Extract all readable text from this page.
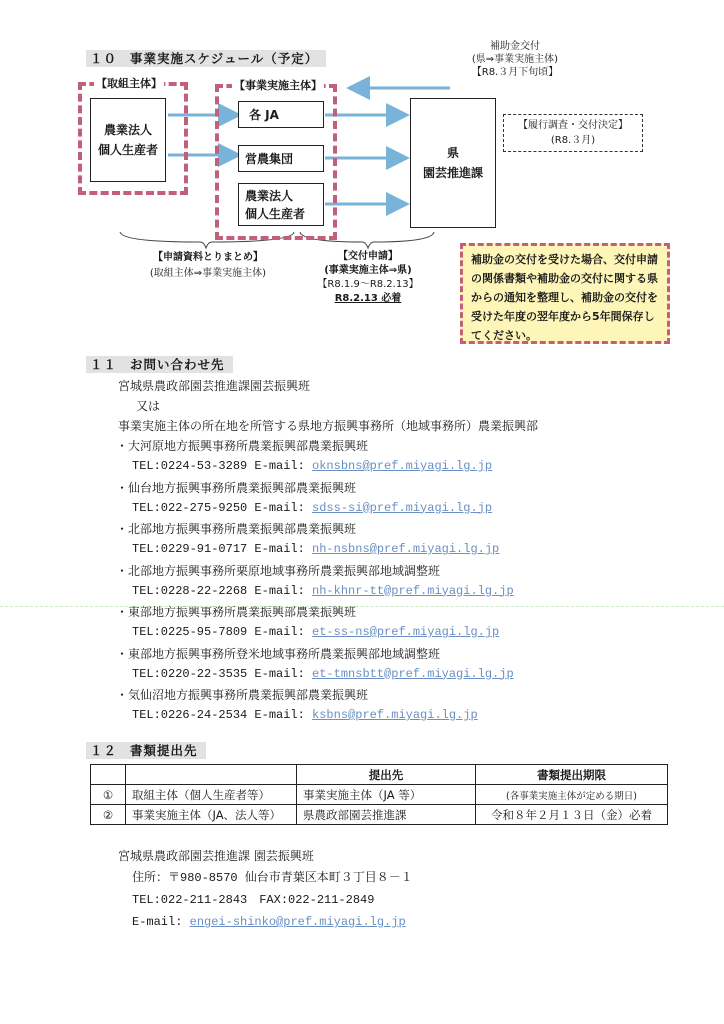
１０ 事業実施スケジュール（予定）
【取組主体】
農業法人
個人生産者
【事業実施主体】
各 JA
営農集団
農業法人
個人生産者
県
園芸推進課
補助金交付
(県⇒事業実施主体)
【R8.３月下旬頃】
【履行調査・交付決定】
(R8.３月)
【申請資料とりまとめ】
(取組主体⇒事業実施主体)
【交付申請】
(事業実施主体⇒県)
【R8.1.9～R8.2.13】
R8.2.13 必着
補助金の交付を受けた場合、交付申請の関係書類や補助金の交付に関する県からの通知を整理し、補助金の交付を受けた年度の翌年度から5年間保存してください。
１１ お問い合わせ先
宮城県農政部園芸推進課園芸振興班
又は
事業実施主体の所在地を所管する県地方振興事務所（地域事務所）農業振興部
・大河原地方振興事務所農業振興部農業振興班
TEL:0224-53-3289 E-mail: oknsbns@pref.miyagi.lg.jp
・仙台地方振興事務所農業振興部農業振興班
TEL:022-275-9250 E-mail: sdss-si@pref.miyagi.lg.jp
・北部地方振興事務所農業振興部農業振興班
TEL:0229-91-0717 E-mail: nh-nsbns@pref.miyagi.lg.jp
・北部地方振興事務所栗原地域事務所農業振興部地域調整班
TEL:0228-22-2268 E-mail: nh-khnr-tt@pref.miyagi.lg.jp
・東部地方振興事務所農業振興部農業振興班
TEL:0225-95-7809 E-mail: et-ss-ns@pref.miyagi.lg.jp
・東部地方振興事務所登米地域事務所農業振興部地域調整班
TEL:0220-22-3535 E-mail: et-tmnsbtt@pref.miyagi.lg.jp
・気仙沼地方振興事務所農業振興部農業振興班
TEL:0226-24-2534 E-mail: ksbns@pref.miyagi.lg.jp
１２ 書類提出先
		提出先	書類提出期限
①	取組主体（個人生産者等）	事業実施主体（JA 等）	(各事業実施主体が定める期日)
②	事業実施主体（JA、法人等）	県農政部園芸推進課	令和８年２月１３日（金）必着
宮城県農政部園芸推進課 園芸振興班
住所：〒980-8570 仙台市青葉区本町３丁目８－１
TEL:022-211-2843　FAX:022-211-2849
E-mail: engei-shinko@pref.miyagi.lg.jp
